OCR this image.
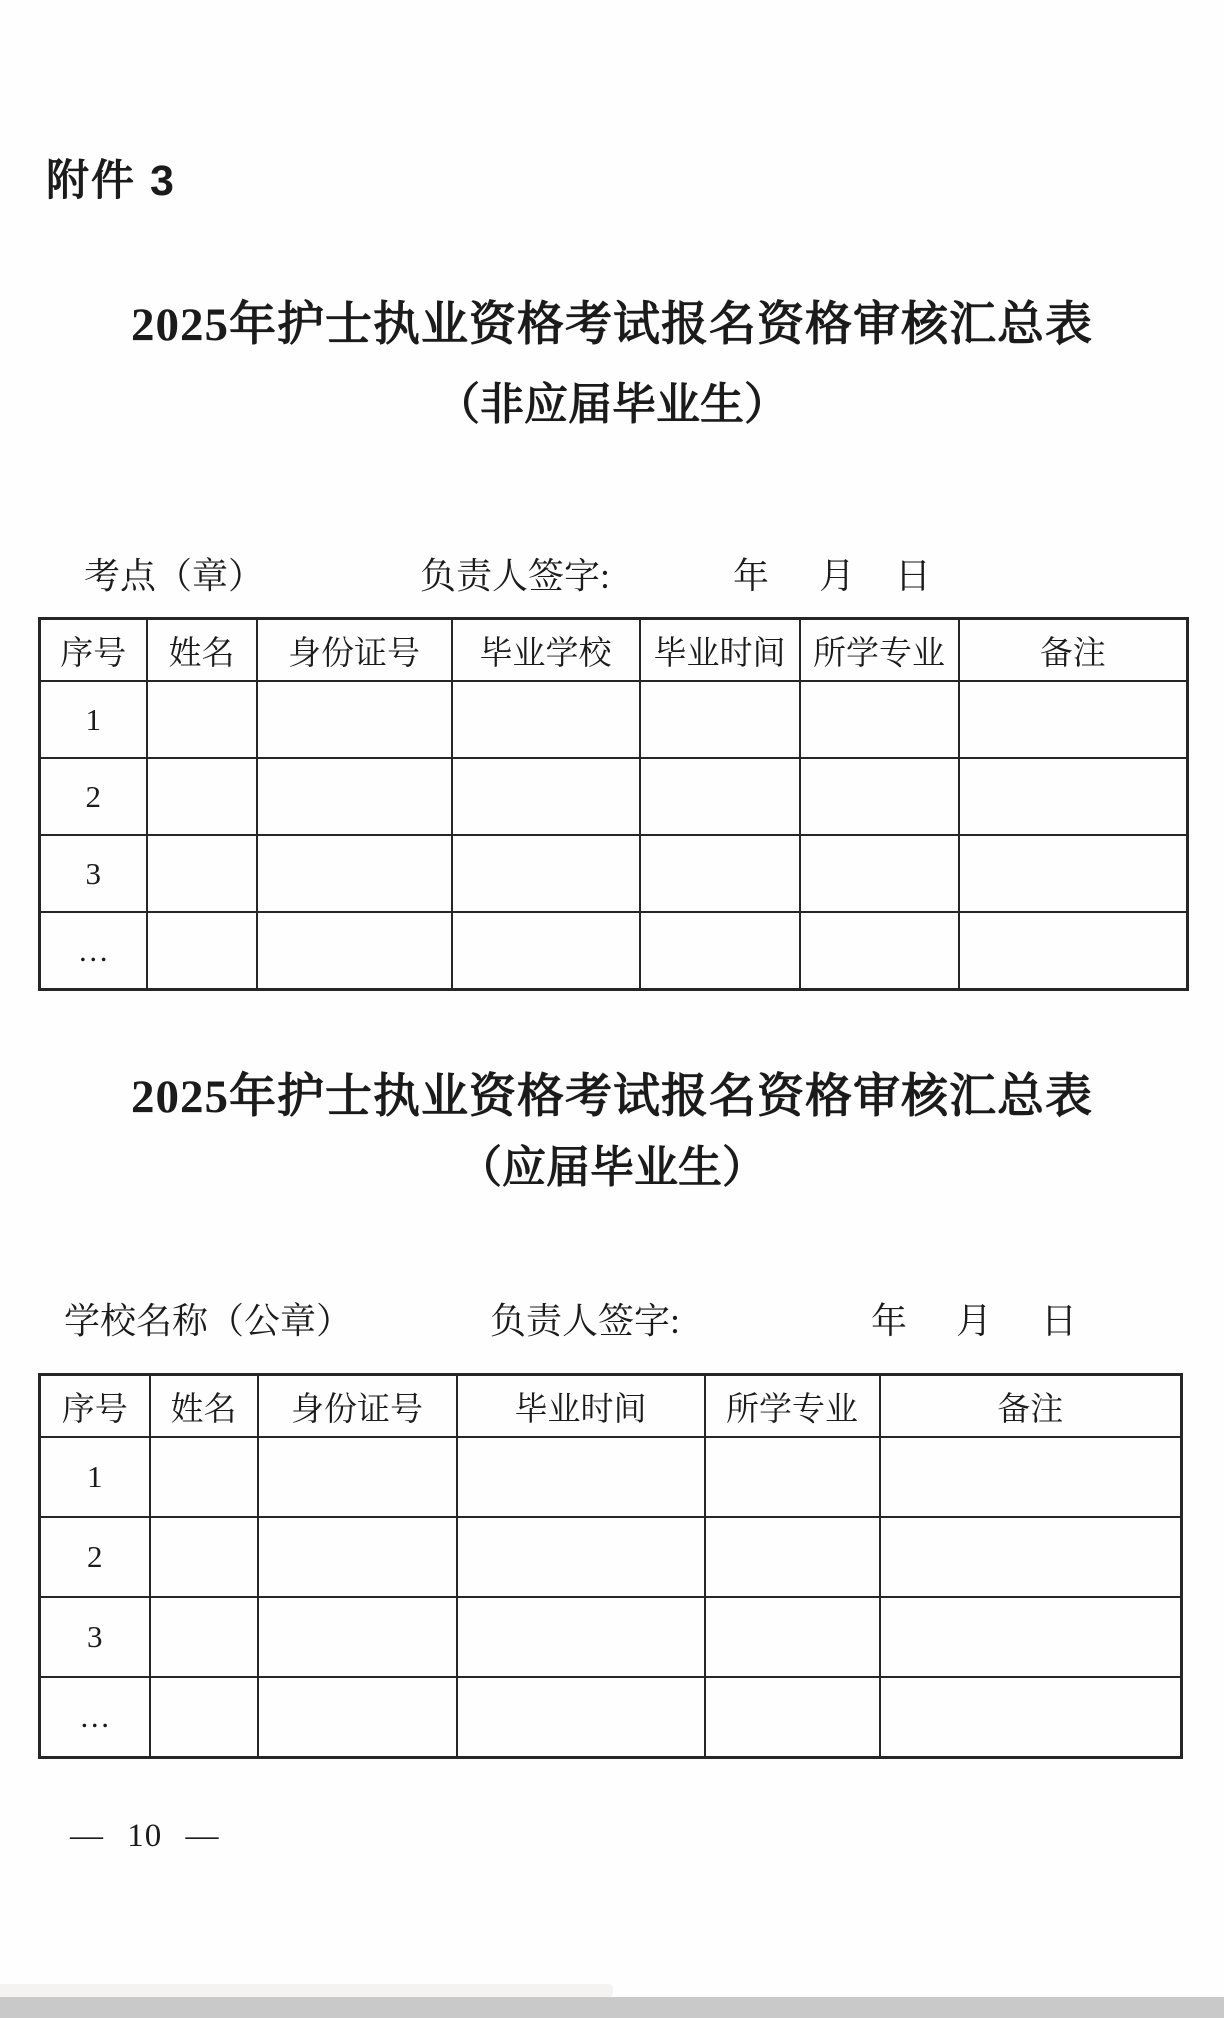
附件 3
2025年护士执业资格考试报名资格审核汇总表
（非应届毕业生）
考点（章）	负责人签字:	年 月 日
序号	姓名	身份证号	毕业学校	毕业时间	所学专业	备注
1						
2						
3						
…						
2025年护士执业资格考试报名资格审核汇总表
（应届毕业生）
学校名称（公章）	负责人签字:	年 月 日
序号	姓名	身份证号	毕业时间	所学专业	备注
1					
2					
3					
…					
— 10 —
